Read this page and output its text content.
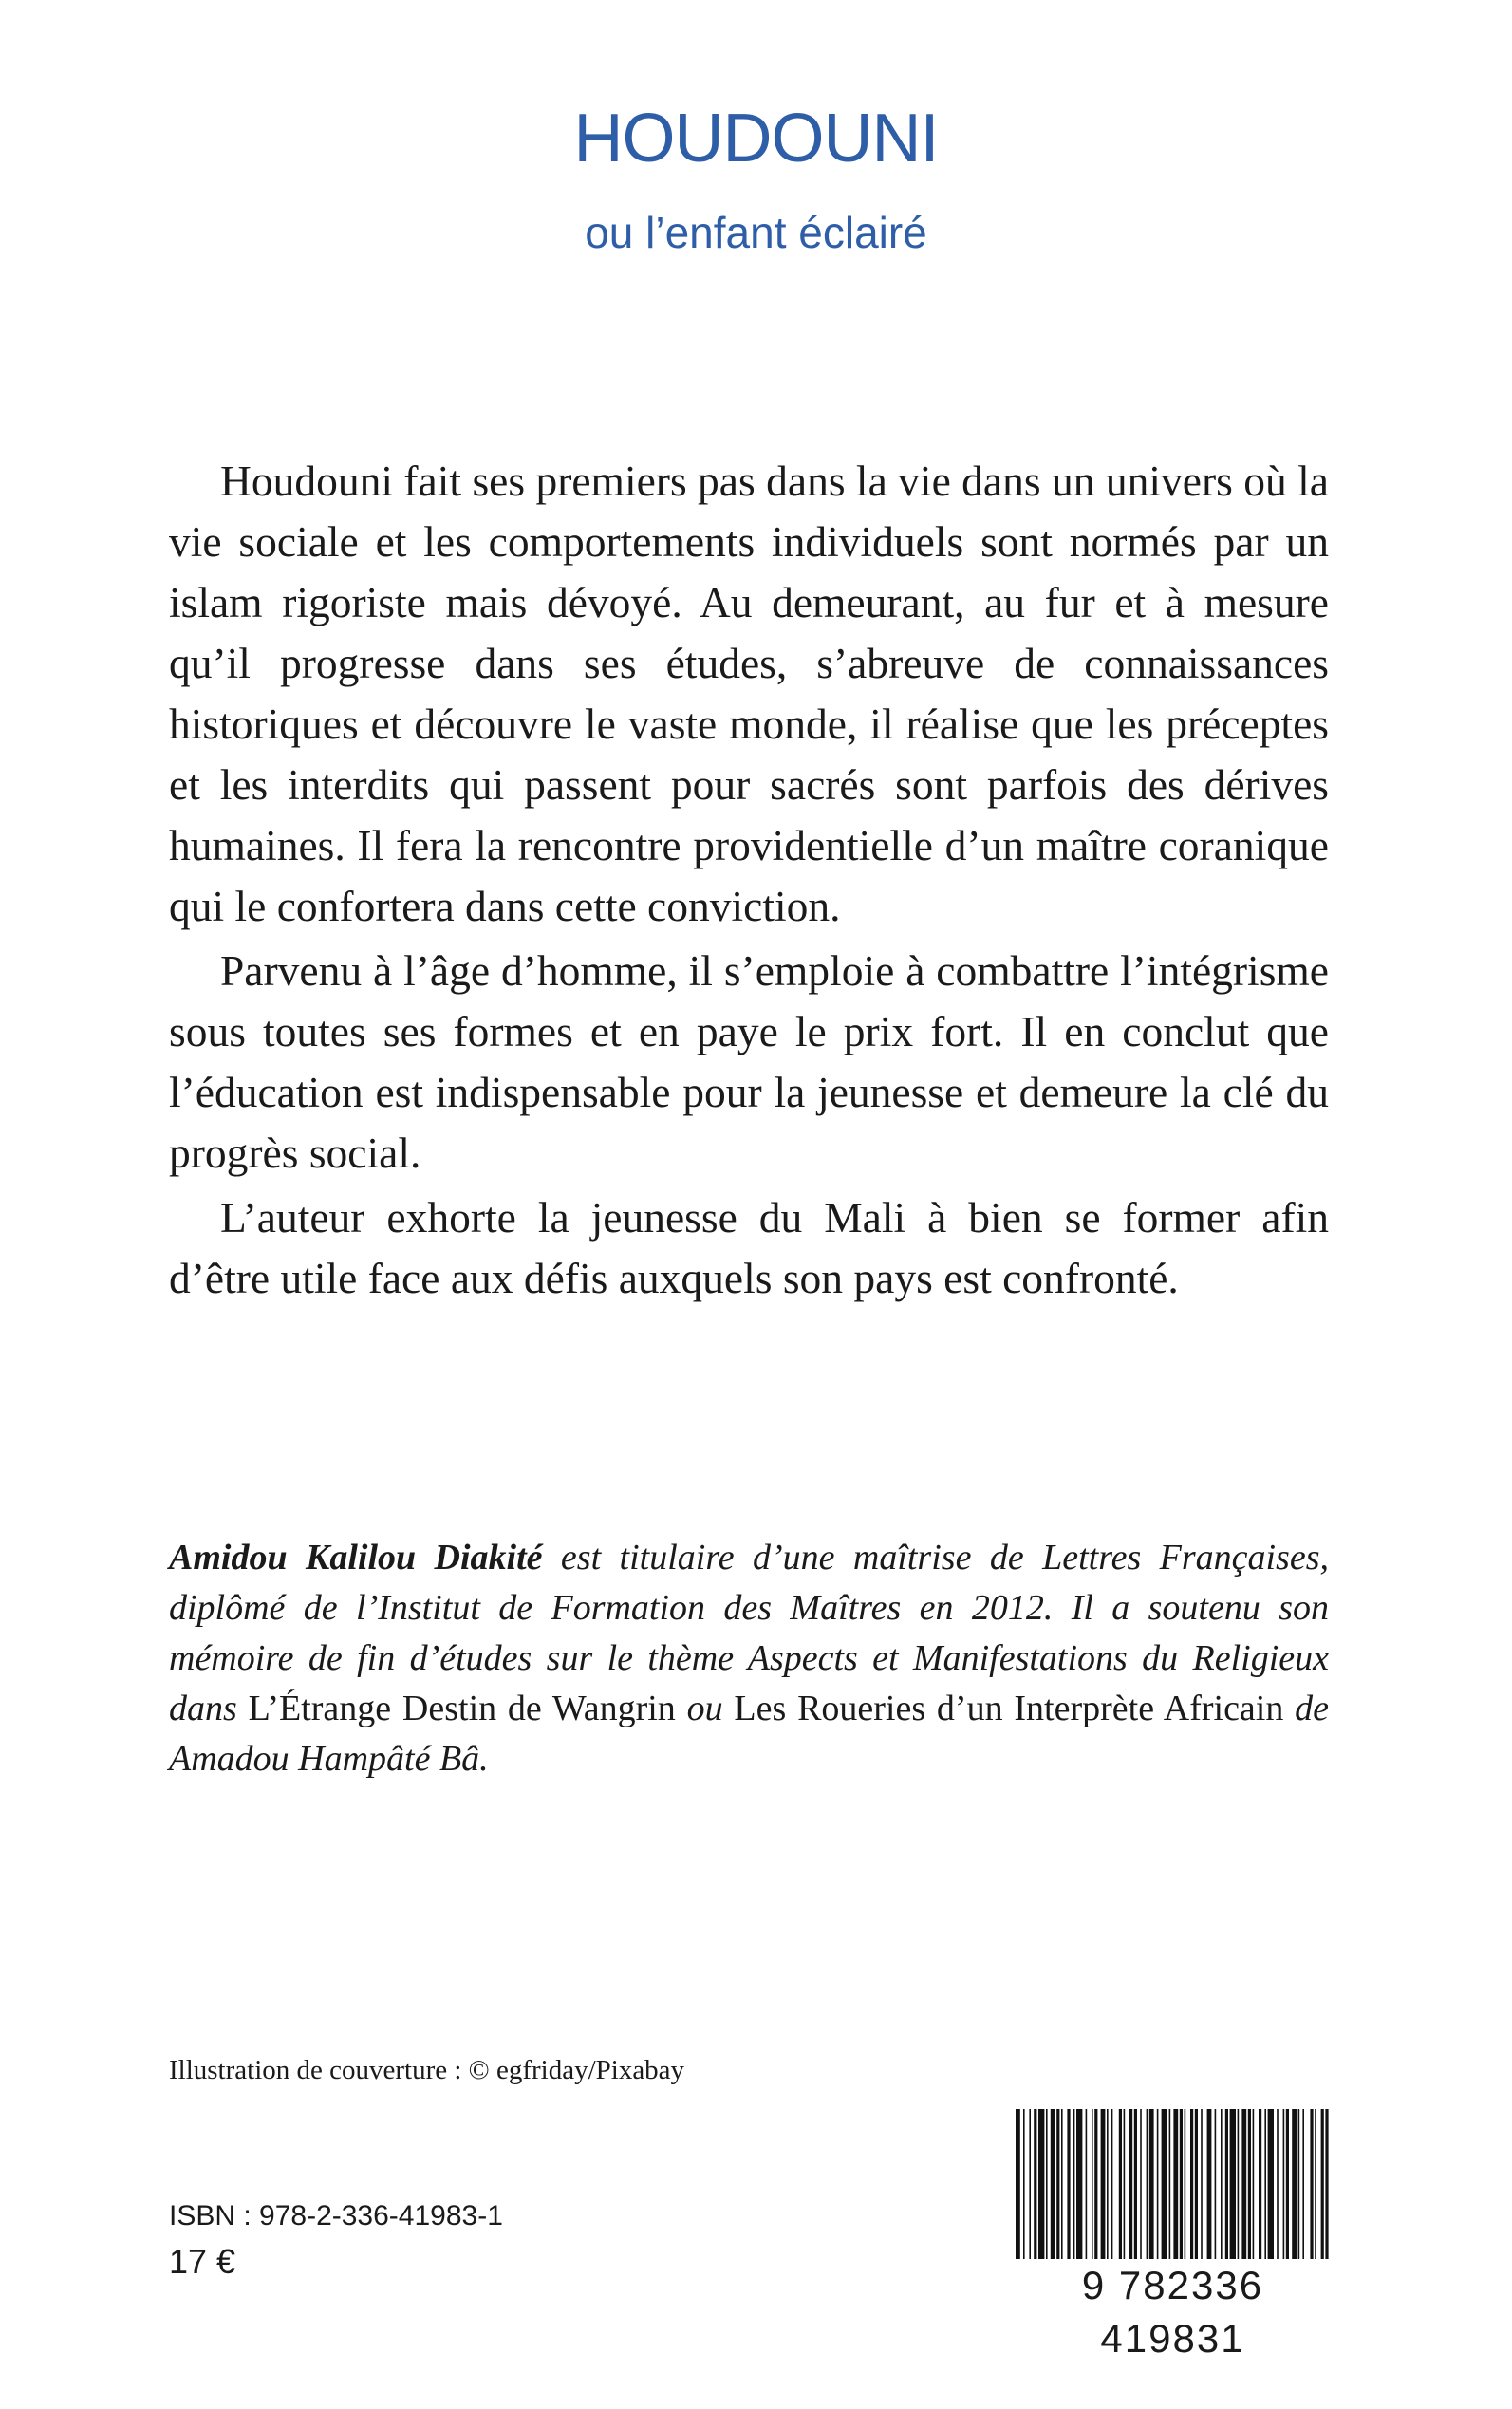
HOUDOUNI
ou l’enfant éclairé

Houdouni fait ses premiers pas dans la vie dans un univers où la vie sociale et les comportements individuels sont normés par un islam rigoriste mais dévoyé. Au demeurant, au fur et à mesure qu’il progresse dans ses études, s’abreuve de connaissances historiques et découvre le vaste monde, il réalise que les préceptes et les interdits qui passent pour sacrés sont parfois des dérives humaines. Il fera la rencontre providentielle d’un maître coranique qui le confortera dans cette conviction.

Parvenu à l’âge d’homme, il s’emploie à combattre l’intégrisme sous toutes ses formes et en paye le prix fort. Il en conclut que l’éducation est indispensable pour la jeunesse et demeure la clé du progrès social.

L’auteur exhorte la jeunesse du Mali à bien se former afin d’être utile face aux défis auxquels son pays est confronté.

Amidou Kalilou Diakité est titulaire d’une maîtrise de Lettres Françaises, diplômé de l’Institut de Formation des Maîtres en 2012. Il a soutenu son mémoire de fin d’études sur le thème Aspects et Manifestations du Religieux dans L’Étrange Destin de Wangrin ou Les Roueries d’un Interprète Africain de Amadou Hampâté Bâ.

Illustration de couverture : © egfriday/Pixabay
ISBN : 978-2-336-41983-1
17 €
9 782336 419831
